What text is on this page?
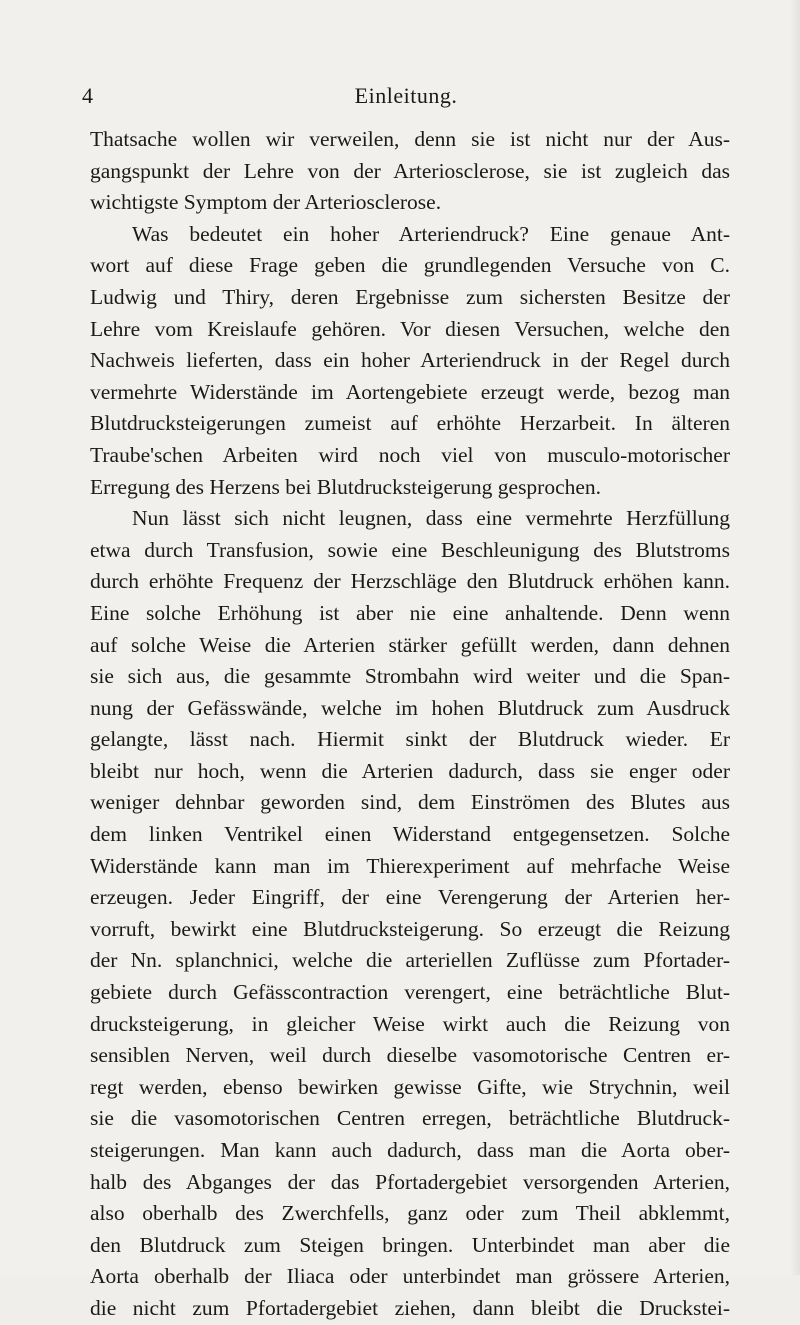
4	Einleitung.
Thatsache wollen wir verweilen, denn sie ist nicht nur der Aus-
gangspunkt der Lehre von der Arteriosclerose, sie ist zugleich das
wichtigste Symptom der Arteriosclerose.
Was bedeutet ein hoher Arteriendruck? Eine genaue Ant-
wort auf diese Frage geben die grundlegenden Versuche von C.
Ludwig und Thiry, deren Ergebnisse zum sichersten Besitze der
Lehre vom Kreislaufe gehören. Vor diesen Versuchen, welche den
Nachweis lieferten, dass ein hoher Arteriendruck in der Regel durch
vermehrte Widerstände im Aortengebiete erzeugt werde, bezog man
Blutdrucksteigerungen zumeist auf erhöhte Herzarbeit. In älteren
Traube'schen Arbeiten wird noch viel von musculo-motorischer
Erregung des Herzens bei Blutdrucksteigerung gesprochen.
Nun lässt sich nicht leugnen, dass eine vermehrte Herzfüllung
etwa durch Transfusion, sowie eine Beschleunigung des Blutstroms
durch erhöhte Frequenz der Herzschläge den Blutdruck erhöhen kann.
Eine solche Erhöhung ist aber nie eine anhaltende. Denn wenn
auf solche Weise die Arterien stärker gefüllt werden, dann dehnen
sie sich aus, die gesammte Strombahn wird weiter und die Span-
nung der Gefässwände, welche im hohen Blutdruck zum Ausdruck
gelangte, lässt nach. Hiermit sinkt der Blutdruck wieder. Er
bleibt nur hoch, wenn die Arterien dadurch, dass sie enger oder
weniger dehnbar geworden sind, dem Einströmen des Blutes aus
dem linken Ventrikel einen Widerstand entgegensetzen. Solche
Widerstände kann man im Thierexperiment auf mehrfache Weise
erzeugen. Jeder Eingriff, der eine Verengerung der Arterien her-
vorruft, bewirkt eine Blutdrucksteigerung. So erzeugt die Reizung
der Nn. splanchnici, welche die arteriellen Zuflüsse zum Pfortader-
gebiete durch Gefässcontraction verengert, eine beträchtliche Blut-
drucksteigerung, in gleicher Weise wirkt auch die Reizung von
sensiblen Nerven, weil durch dieselbe vasomotorische Centren er-
regt werden, ebenso bewirken gewisse Gifte, wie Strychnin, weil
sie die vasomotorischen Centren erregen, beträchtliche Blutdruck-
steigerungen. Man kann auch dadurch, dass man die Aorta ober-
halb des Abganges der das Pfortadergebiet versorgenden Arterien,
also oberhalb des Zwerchfells, ganz oder zum Theil abklemmt,
den Blutdruck zum Steigen bringen. Unterbindet man aber die
Aorta oberhalb der Iliaca oder unterbindet man grössere Arterien,
die nicht zum Pfortadergebiet ziehen, dann bleibt die Druckstei-
